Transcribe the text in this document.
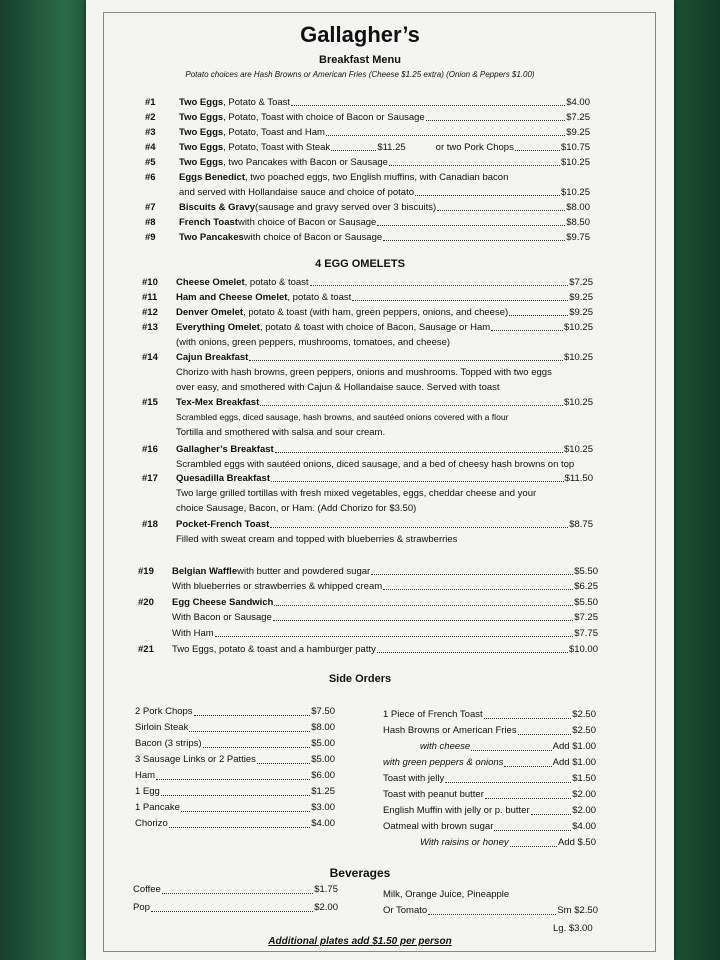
Gallagher’s
Breakfast Menu
Potato choices are Hash Browns or American Fries (Cheese $1.25 extra) (Onion & Peppers $1.00)
#1	Two Eggs , Potato & Toast	$4.00
#2	Two Eggs , Potato, Toast with choice of Bacon or Sausage	$7.25
#3	Two Eggs , Potato, Toast and Ham	$9.25
#4	Two Eggs , Potato, Toast with Steak	$11.25	or two Pork Chops	$10.75
#5	Two Eggs , two Pancakes with Bacon or Sausage	$10.25
#6	Eggs Benedict , two poached eggs, two English muffins, with Canadian bacon
and served with Hollandaise sauce and choice of potato	$10.25
#7	Biscuits & Gravy (sausage and gravy served over 3 biscuits)	$8.00
#8	French Toast with choice of Bacon or Sausage	$8.50
#9	Two Pancakes with choice of Bacon or Sausage	$9.75
4 EGG OMELETS
#10	Cheese Omelet , potato & toast	$7.25
#11	Ham and Cheese Omelet , potato & toast	$9.25
#12	Denver Omelet , potato & toast (with ham, green peppers, onions, and cheese)	$9.25
#13	Everything Omelet , potato & toast with choice of Bacon, Sausage or Ham	$10.25
(with onions, green peppers, mushrooms, tomatoes, and cheese)
#14	Cajun Breakfast	$10.25
Chorizo with hash browns, green peppers, onions and mushrooms. Topped with two eggs
over easy, and smothered with Cajun & Hollandaise sauce. Served with toast
#15	Tex-Mex Breakfast	$10.25
Scrambled eggs, diced sausage, hash browns, and sautéed onions covered with a flour
Tortilla and smothered with salsa and sour cream.
#16	Gallagher’s Breakfast	$10.25
Scrambled eggs with sautéed onions, diced sausage, and a bed of cheesy hash browns on top
#17	Quesadilla Breakfast	$11.50
Two large grilled tortillas with fresh mixed vegetables, eggs, cheddar cheese and your
choice Sausage, Bacon, or Ham. (Add Chorizo for $3.50)
#18	Pocket-French Toast	$8.75
Filled with sweat cream and topped with blueberries & strawberries
#19	Belgian Waffle with butter and powdered sugar	$5.50
With blueberries or strawberries & whipped cream	$6.25
#20	Egg Cheese Sandwich	$5.50
With Bacon or Sausage	$7.25
With Ham	$7.75
#21	Two Eggs, potato & toast and a hamburger patty	$10.00
Side Orders
2 Pork Chops	$7.50
Sirloin Steak	$8.00
Bacon (3 strips)	$5.00
3 Sausage Links or 2 Patties	$5.00
Ham	$6.00
1 Egg	$1.25
1 Pancake	$3.00
Chorizo	$4.00
1 Piece of French Toast	$2.50
Hash Browns or American Fries	$2.50
with cheese	Add $1.00
with green peppers & onions	Add $1.00
Toast with jelly	$1.50
Toast with peanut butter	$2.00
English Muffin with jelly or p. butter	$2.00
Oatmeal with brown sugar	$4.00
With raisins or honey	Add $.50
Beverages
Coffee	$1.75
Pop	$2.00
Milk, Orange Juice, Pineapple
Or Tomato	Sm $2.50
Lg. $3.00
Additional plates add $1.50 per person
